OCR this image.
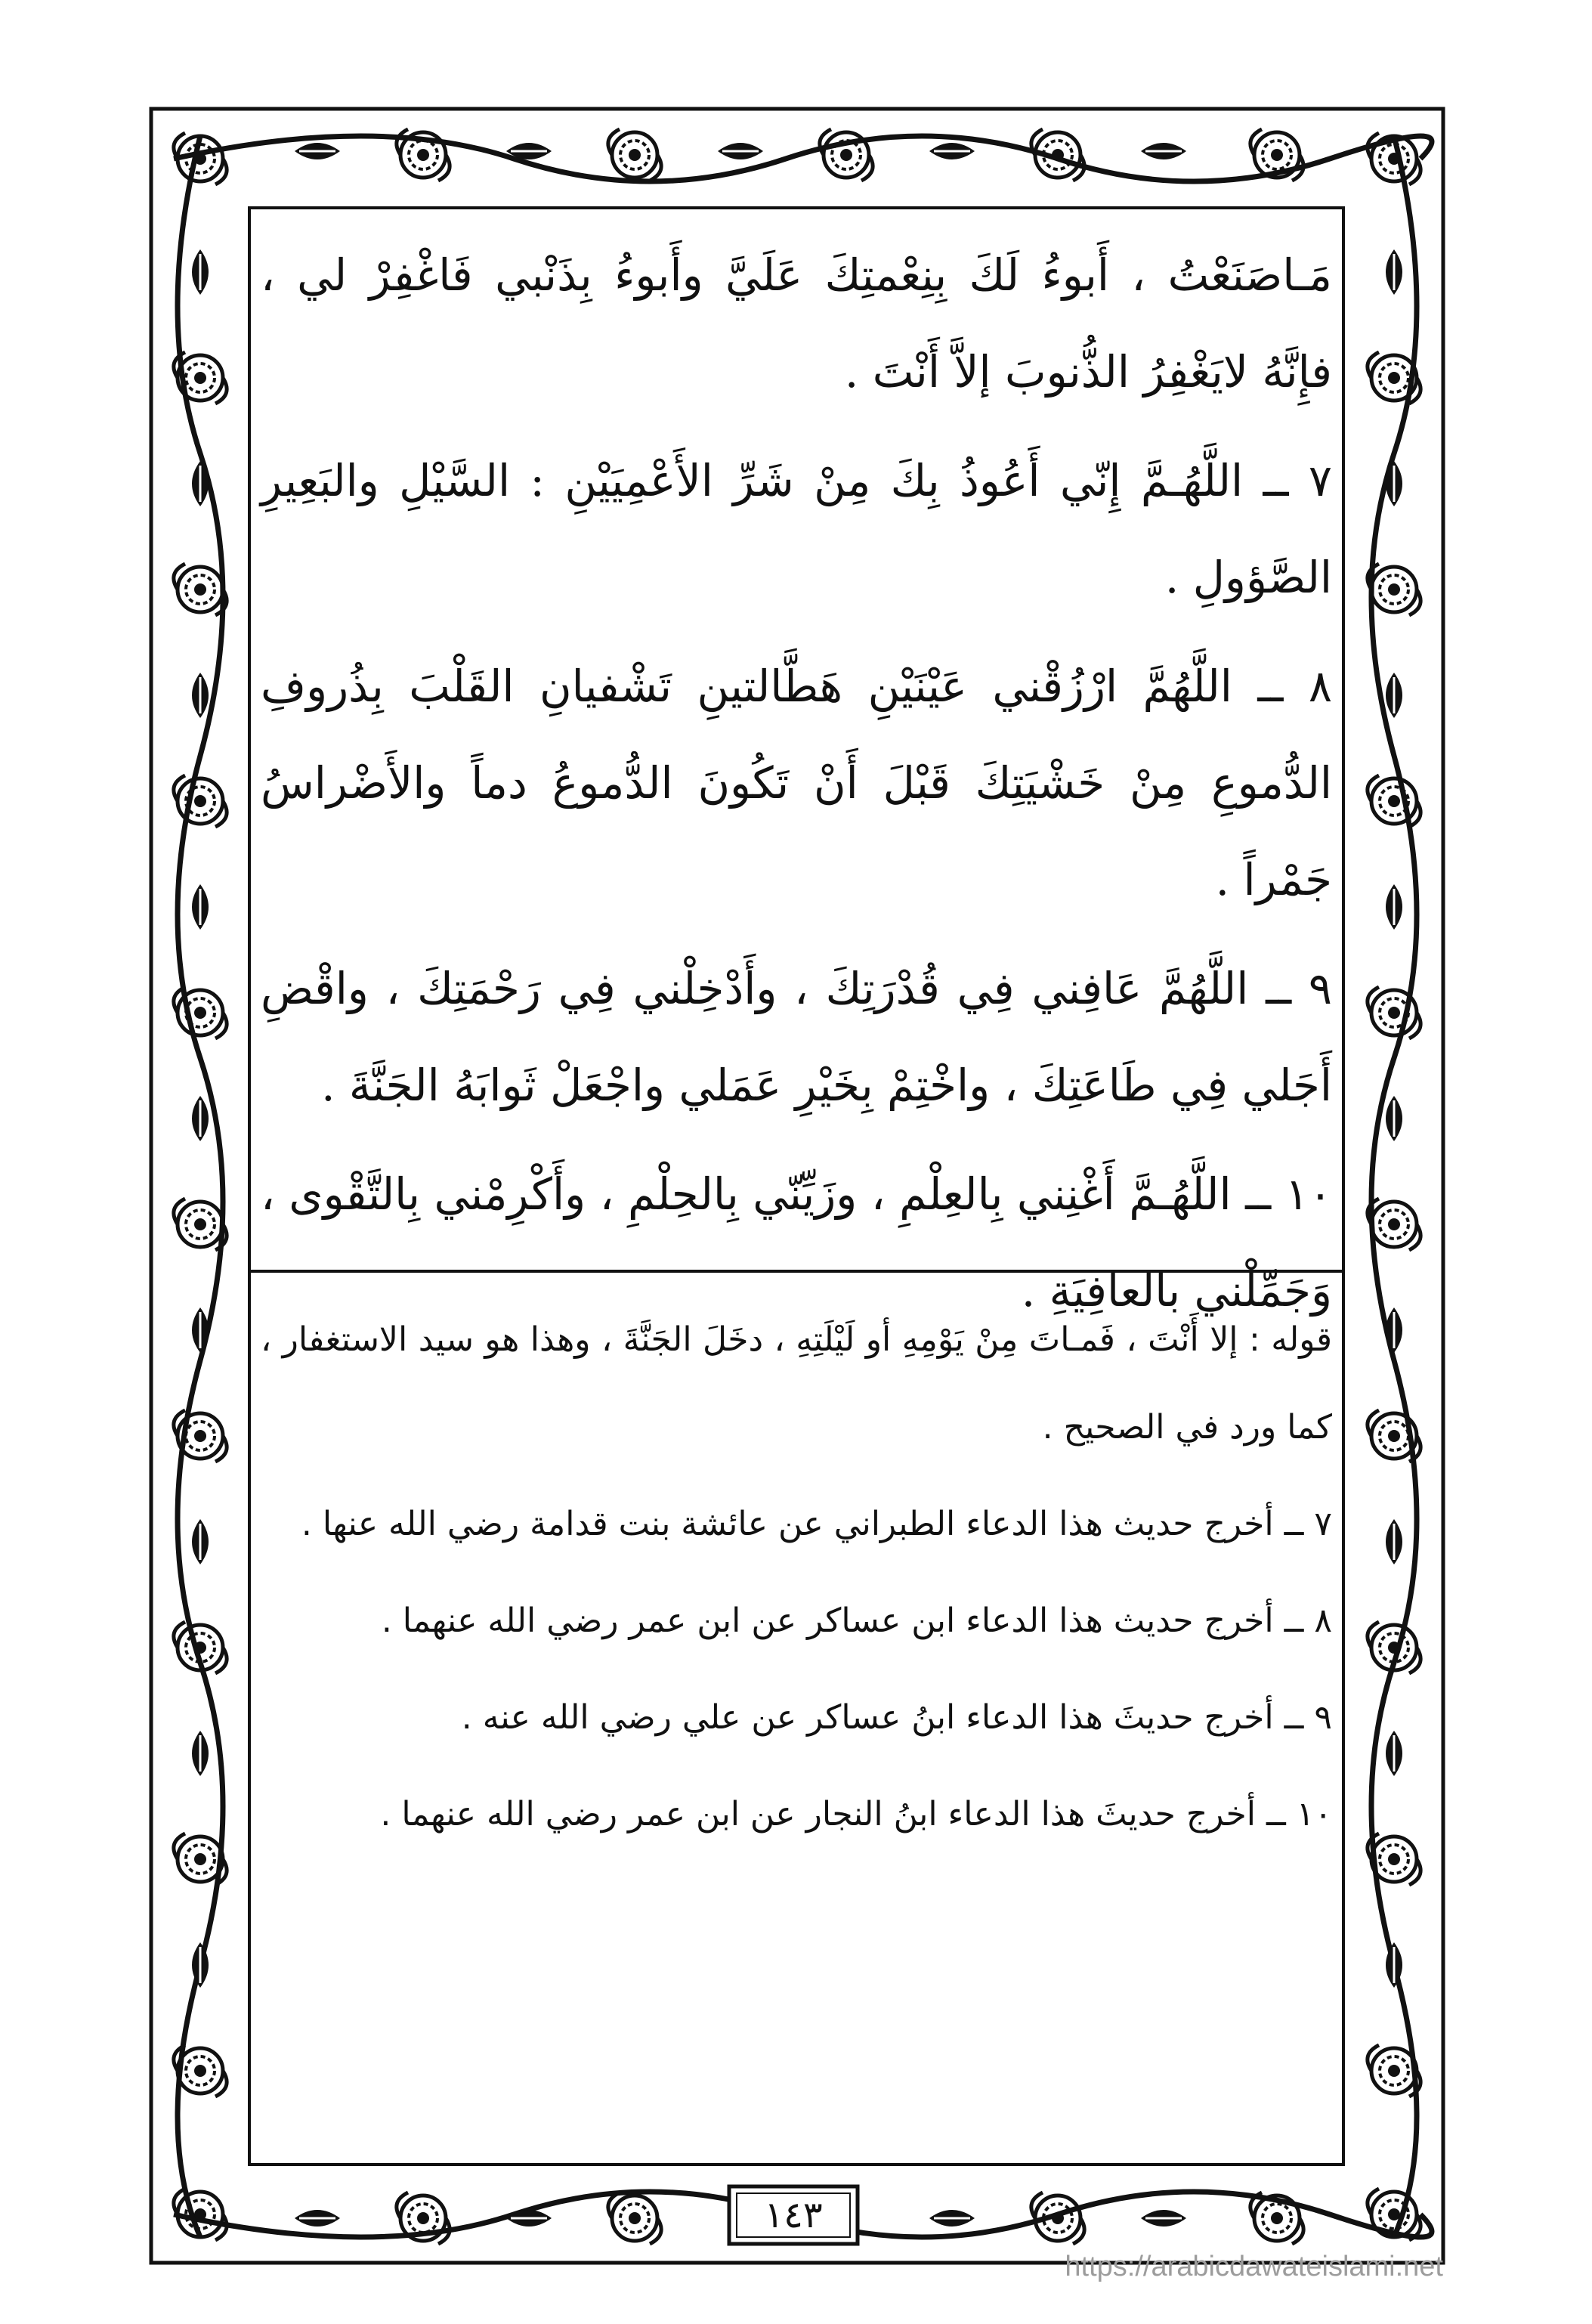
مَـاصَنَعْتُ ، أَبوءُ لَكَ بِنِعْمتِكَ عَلَيَّ وأَبوءُ بِذَنْبي فَاغْفِرْ لي ، فإِنَّهُ لايَغْفِرُ الذُّنوبَ إلاَّ أَنْتَ .

٧ ــ اللَّهُـمَّ إِنّي أَعُوذُ بِكَ مِنْ شَرِّ الأَعْمِيَيْنِ : السَّيْلِ والبَعِيرِ الصَّؤولِ .

٨ ــ اللَّهُمَّ ارْزُقْني عَيْنَيْنِ هَطَّالتينِ تَشْفيانِ القَلْبَ بِذُروفِ الدُّموعِ مِنْ خَشْيَتِكَ قَبْلَ أَنْ تَكُونَ الدُّموعُ دماً والأَضْراسُ جَمْراً .

٩ ــ اللَّهُمَّ عَافِني فِي قُدْرَتِكَ ، وأَدْخِلْني فِي رَحْمَتِكَ ، واقْضِ أَجَلي فِي طَاعَتِكَ ، واخْتِمْ بِخَيْرِ عَمَلي واجْعَلْ ثَوابَهُ الجَنَّةَ .

١٠ ــ اللَّهُـمَّ أَغْنِني بِالعِلْمِ ، وزَيِّنّي بِالحِلْمِ ، وأَكْرِمْني بِالتَّقْوى ، وَجَمِّلْني بالعافِيَةِ .

قوله : إلا أَنْتَ ، فَمـاتَ مِنْ يَوْمِهِ أو لَيْلَتِهِ ، دخَلَ الجَنَّةَ ، وهذا هو سيد الاستغفار ، كما ورد في الصحيح .

٧ ــ أخرج حديث هذا الدعاء الطبراني عن عائشة بنت قدامة رضي الله عنها .

٨ ــ أخرج حديث هذا الدعاء ابن عساكر عن ابن عمر رضي الله عنهما .

٩ ــ أخرج حديثَ هذا الدعاء ابنُ عساكر عن علي رضي الله عنه .

١٠ ــ أخرج حديثَ هذا الدعاء ابنُ النجار عن ابن عمر رضي الله عنهما .

١٤٣
https://arabicdawateislami.net
